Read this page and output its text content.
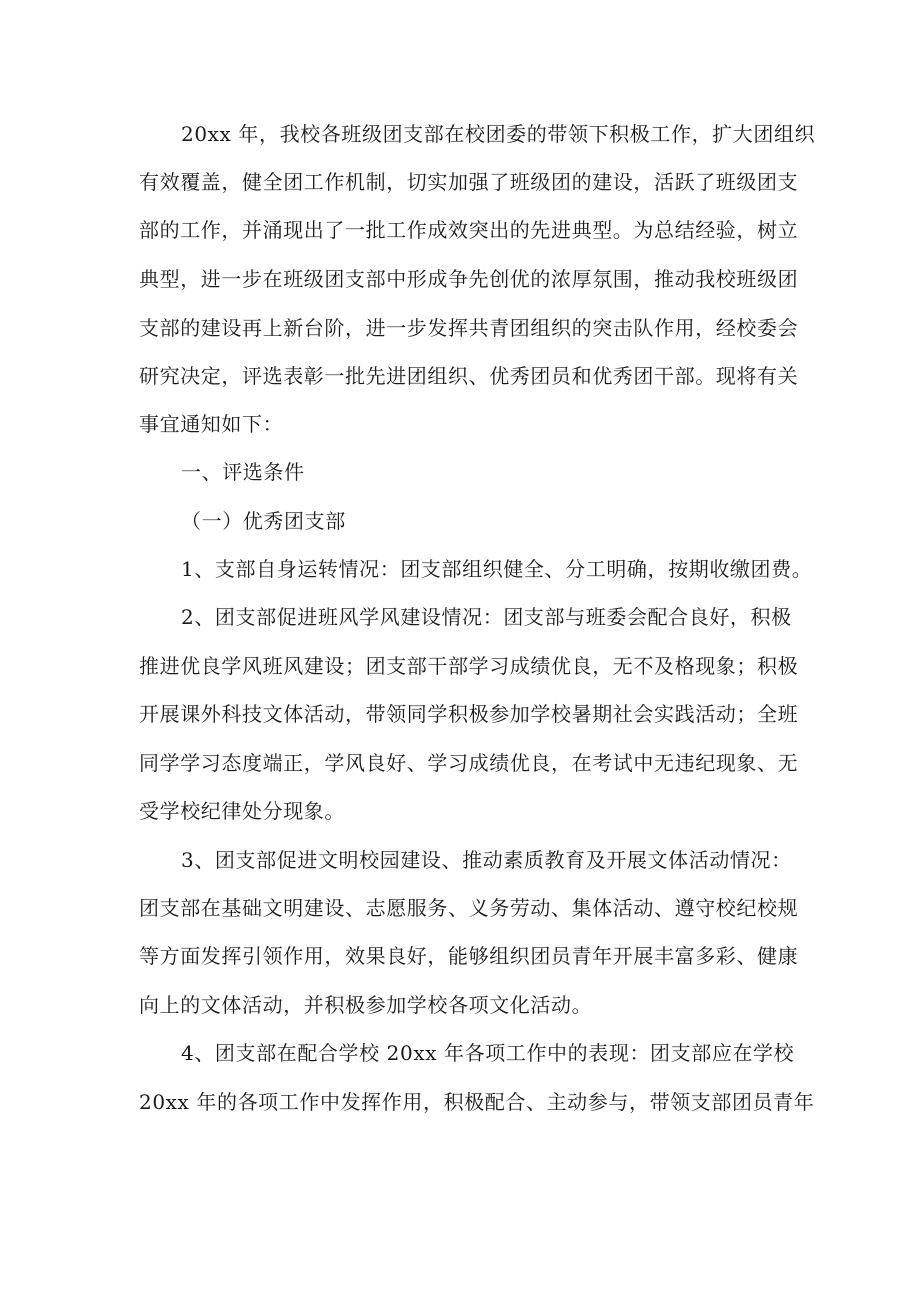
20xx 年，我校各班级团支部在校团委的带领下积极工作，扩大团组织
有效覆盖，健全团工作机制，切实加强了班级团的建设，活跃了班级团支
部的工作，并涌现出了一批工作成效突出的先进典型。为总结经验，树立
典型，进一步在班级团支部中形成争先创优的浓厚氛围，推动我校班级团
支部的建设再上新台阶，进一步发挥共青团组织的突击队作用，经校委会
研究决定，评选表彰一批先进团组织、优秀团员和优秀团干部。现将有关
事宜通知如下：
一、评选条件
（一）优秀团支部
1、支部自身运转情况：团支部组织健全、分工明确，按期收缴团费。
2、团支部促进班风学风建设情况：团支部与班委会配合良好，积极
推进优良学风班风建设；团支部干部学习成绩优良，无不及格现象；积极
开展课外科技文体活动，带领同学积极参加学校暑期社会实践活动；全班
同学学习态度端正，学风良好、学习成绩优良，在考试中无违纪现象、无
受学校纪律处分现象。
3、团支部促进文明校园建设、推动素质教育及开展文体活动情况：
团支部在基础文明建设、志愿服务、义务劳动、集体活动、遵守校纪校规
等方面发挥引领作用，效果良好，能够组织团员青年开展丰富多彩、健康
向上的文体活动，并积极参加学校各项文化活动。
4、团支部在配合学校 20xx 年各项工作中的表现：团支部应在学校
20xx 年的各项工作中发挥作用，积极配合、主动参与，带领支部团员青年
